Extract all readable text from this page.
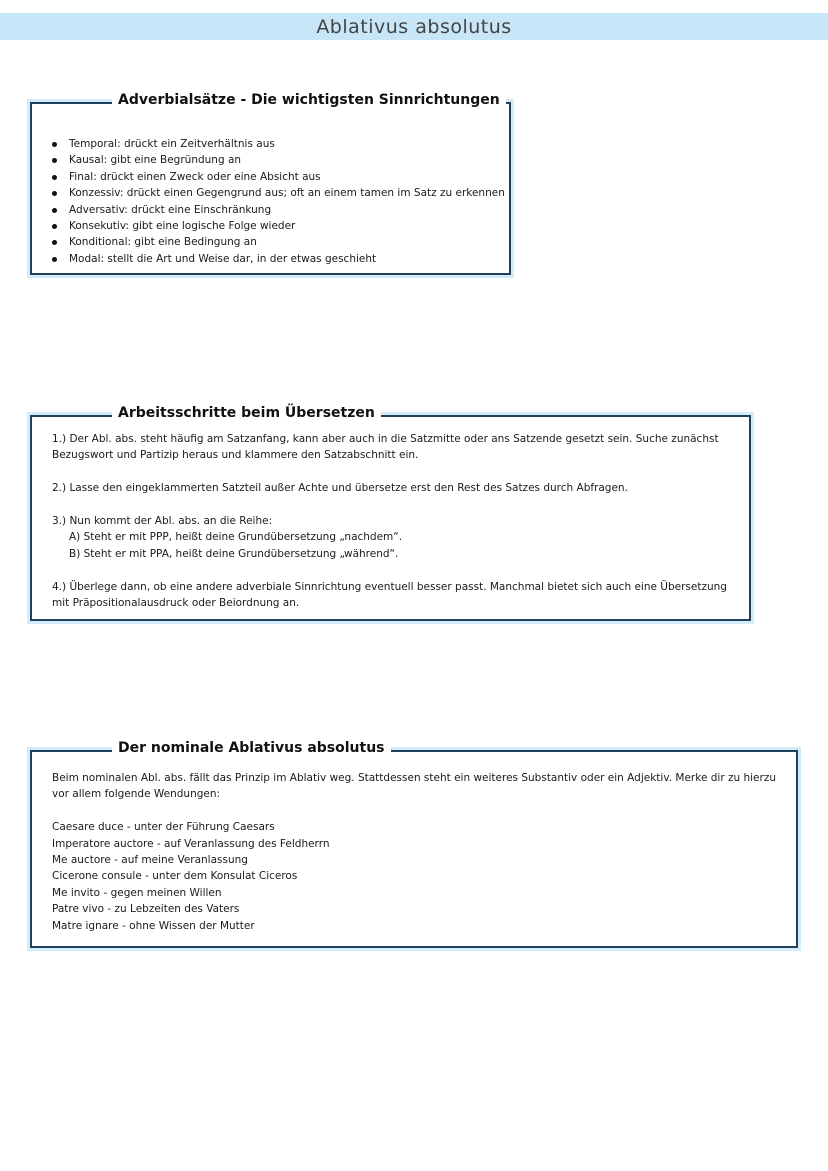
Ablativus absolutus
Adverbialsätze - Die wichtigsten Sinnrichtungen
Temporal: drückt ein Zeitverhältnis aus
Kausal: gibt eine Begründung an
Final: drückt einen Zweck oder eine Absicht aus
Konzessiv: drückt einen Gegengrund aus; oft an einem tamen im Satz zu erkennen
Adversativ: drückt eine Einschränkung
Konsekutiv: gibt eine logische Folge wieder
Konditional: gibt eine Bedingung an
Modal: stellt die Art und Weise dar, in der etwas geschieht
Arbeitsschritte beim Übersetzen

1.) Der Abl. abs. steht häufig am Satzanfang, kann aber auch in die Satzmitte oder ans Satzende gesetzt sein. Suche zunächst Bezugswort und Partizip heraus und klammere den Satzabschnitt ein.

2.) Lasse den eingeklammerten Satzteil außer Achte und übersetze erst den Rest des Satzes durch Abfragen.

3.) Nun kommt der Abl. abs. an die Reihe:

A) Steht er mit PPP, heißt deine Grundübersetzung „nachdem“.

B) Steht er mit PPA, heißt deine Grundübersetzung „während“.

4.) Überlege dann, ob eine andere adverbiale Sinnrichtung eventuell besser passt. Manchmal bietet sich auch eine Übersetzung mit Präpositionalausdruck oder Beiordnung an.

Der nominale Ablativus absolutus

Beim nominalen Abl. abs. fällt das Prinzip im Ablativ weg. Stattdessen steht ein weiteres Substantiv oder ein Adjektiv. Merke dir zu hierzu vor allem folgende Wendungen:

Caesare duce - unter der Führung Caesars

Imperatore auctore - auf Veranlassung des Feldherrn

Me auctore - auf meine Veranlassung

Cicerone consule - unter dem Konsulat Ciceros

Me invito - gegen meinen Willen

Patre vivo - zu Lebzeiten des Vaters

Matre ignare - ohne Wissen der Mutter
